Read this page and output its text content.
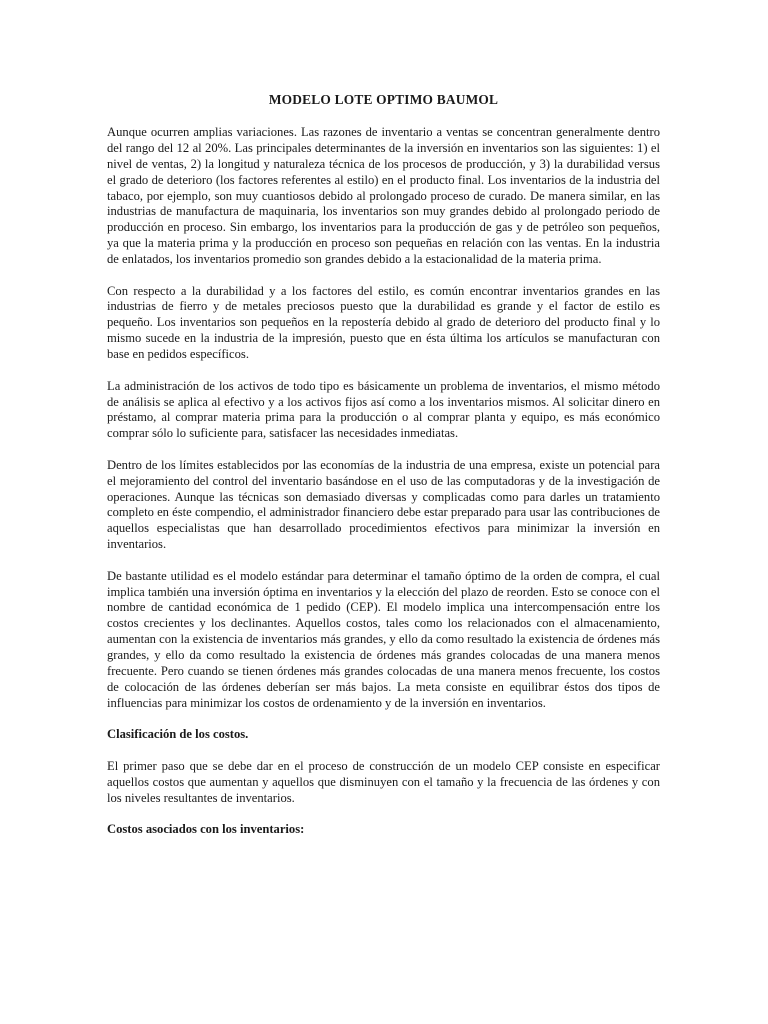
MODELO LOTE OPTIMO BAUMOL

Aunque ocurren amplias variaciones. Las razones de inventario a ventas se concentran generalmente dentro del rango del 12 al 20%. Las principales determinantes de la inversión en inventarios son las siguientes: 1) el nivel de ventas, 2) la longitud y naturaleza técnica de los procesos de producción, y 3) la durabilidad versus el grado de deterioro (los factores referentes al estilo) en el producto final. Los inventarios de la industria del tabaco, por ejemplo, son muy cuantiosos debido al prolongado proceso de curado. De manera similar, en las industrias de manufactura de maquinaria, los inventarios son muy grandes debido al prolongado periodo de producción en proceso. Sin embargo, los inventarios para la producción de gas y de petróleo son pequeños, ya que la materia prima y la producción en proceso son pequeñas en relación con las ventas. En la industria de enlatados, los inventarios promedio son grandes debido a la estacionalidad de la materia prima.

Con respecto a la durabilidad y a los factores del estilo, es común encontrar inventarios grandes en las industrias de fierro y de metales preciosos puesto que la durabilidad es grande y el factor de estilo es pequeño. Los inventarios son pequeños en la repostería debido al grado de deterioro del producto final y lo mismo sucede en la industria de la impresión, puesto que en ésta última los artículos se manufacturan con base en pedidos específicos.

La administración de los activos de todo tipo es básicamente un problema de inventarios, el mismo método de análisis se aplica al efectivo y a los activos fijos así como a los inventarios mismos. Al solicitar dinero en préstamo, al comprar materia prima para la producción o al comprar planta y equipo, es más económico comprar sólo lo suficiente para, satisfacer las necesidades inmediatas.

Dentro de los límites establecidos por las economías de la industria de una empresa, existe un potencial para el mejoramiento del control del inventario basándose en el uso de las computadoras y de la investigación de operaciones. Aunque las técnicas son demasiado diversas y complicadas como para darles un tratamiento completo en éste compendio, el administrador financiero debe estar preparado para usar las contribuciones de aquellos especialistas que han desarrollado procedimientos efectivos para minimizar la inversión en inventarios.

De bastante utilidad es el modelo estándar para determinar el tamaño óptimo de la orden de compra, el cual implica también una inversión óptima en inventarios y la elección del plazo de reorden. Esto se conoce con el nombre de cantidad económica de 1 pedido (CEP). El modelo implica una intercompensación entre los costos crecientes y los declinantes. Aquellos costos, tales como los relacionados con el almacenamiento, aumentan con la existencia de inventarios más grandes, y ello da como resultado la existencia de órdenes más grandes, y ello da como resultado la existencia de órdenes más grandes colocadas de una manera menos frecuente. Pero cuando se tienen órdenes más grandes colocadas de una manera menos frecuente, los costos de colocación de las órdenes deberían ser más bajos. La meta consiste en equilibrar éstos dos tipos de influencias para minimizar los costos de ordenamiento y de la inversión en inventarios.

Clasificación de los costos.

El primer paso que se debe dar en el proceso de construcción de un modelo CEP consiste en especificar aquellos costos que aumentan y aquellos que disminuyen con el tamaño y la frecuencia de las órdenes y con los niveles resultantes de inventarios.

Costos asociados con los inventarios:
